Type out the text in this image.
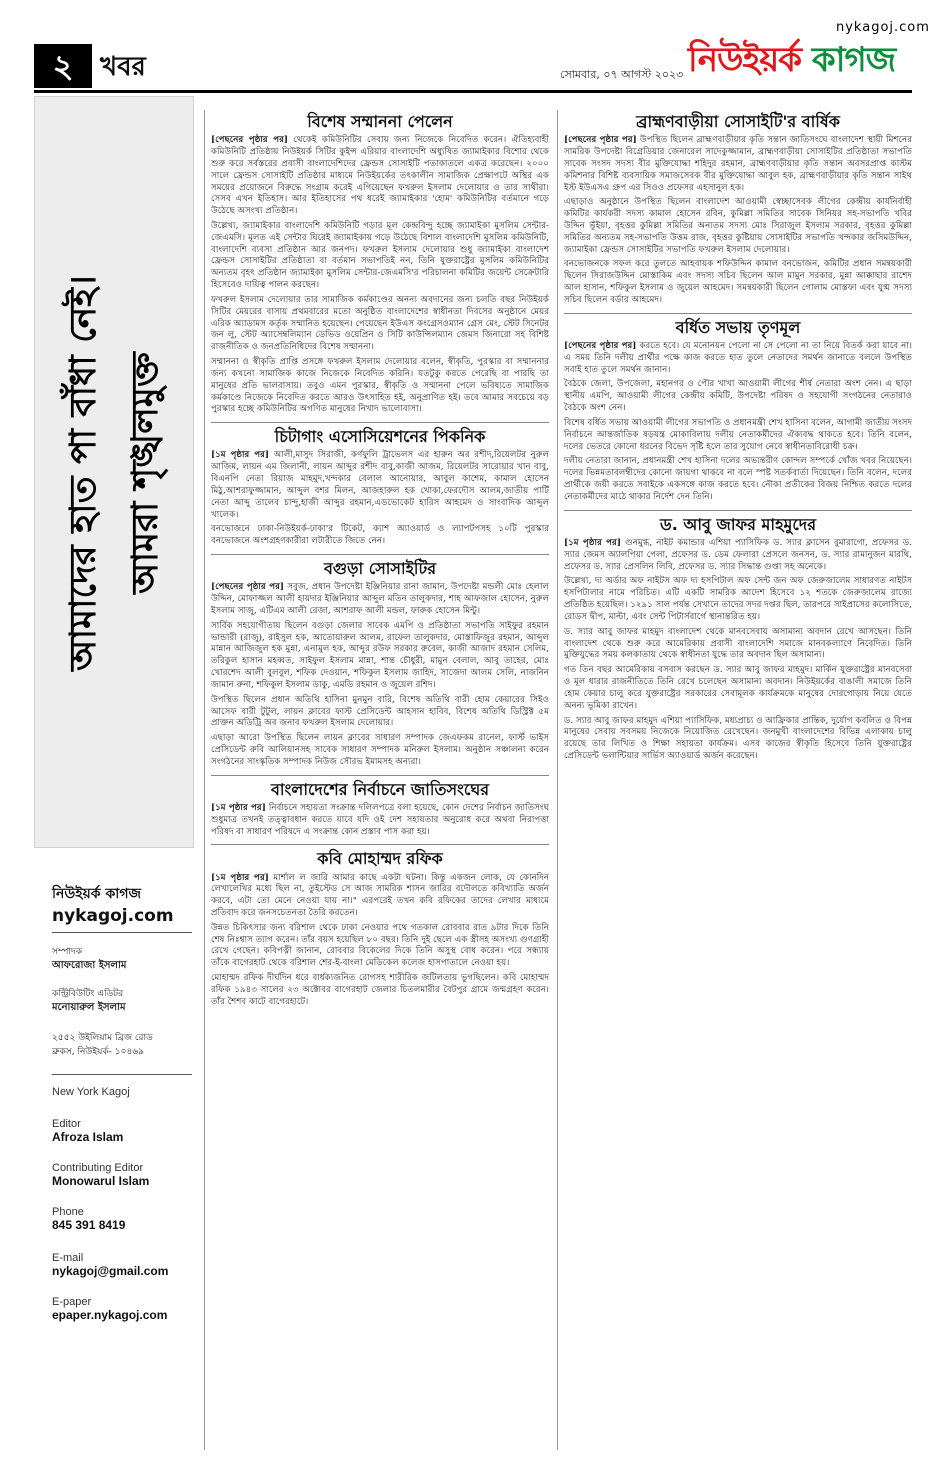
২	খবর	সোমবার, ০৭ আগস্ট ২০২৩
nykagoj.com
নিউইয়র্ক কাগজ
আমাদের হাত পা বাঁধা নেই। আমরা শৃঙ্খলমুক্ত
নিউইয়র্ক কাগজ
nykagoj.com
সম্পাদক
আফরোজা ইসলাম
কন্ট্রিবিউটিং এডিটর
মনোয়ারুল ইসলাম
২৫৫২ উইলিয়াম ব্রিজ রোড
ব্রুকস, নিউইয়র্ক- ১০৪৬৯
New York Kagoj
Editor
Afroza Islam
Contributing Editor
Monowarul Islam
Phone
845 391 8419
E-mail
nykagoj@gmail.com
E-paper
epaper.nykagoj.com
বিশেষ সম্মাননা পেলেন

[পেছনের পৃষ্ঠার পর] থেকেই কমিউনিটির সেবায় জন্য নিজেকে নিবেদিত করেন। ঐতিহ্যবাহী কমিউনিটি প্রতিষ্ঠায় নিউইয়র্ক সিটির কুইন্স এরিয়ার বাংলাদেশি অধ্যুষিত জ্যামাইকার বিশোর থেকে শুরু করে সর্বস্তরের প্রবাসী বাংলাদেশিদের ফ্রেন্ডস সোসাইটি পতাকাতলে একত্র করেছেন। ২০০০ সালে ফ্রেন্ডস সোসাইটি প্রতিষ্ঠার মাধ্যমে নিউইয়র্কের তৎকালীন সামাজিক প্রেক্ষাপটে অস্থির এক সময়ের প্রয়োজনে বিরুদ্ধে সংগ্রাম করেই এগিয়েছেন ফখরুল ইসলাম দেলোয়ার ও তার সাথীরা। সেসব এখন ইতিহাস। আর ইতিহাসের পথ ধরেই জ্যামাইকার 'হোম' কমিউনিটির বর্তমানে গড়ে উঠেছে অসংখ্য প্রতিষ্ঠান।

উল্লেখ্য, জ্যামাইকার বাংলাদেশি কমিউনিটি গড়ার মূল কেন্দ্রবিন্দু হচ্ছে জ্যামাইকা মুসলিম সেন্টার-জেএমসি। মূলত এই সেন্টার ঘিরেই জ্যামাইকায় গড়ে উঠেছে বিশাল বাংলাদেশি মুসলিম কমিউনিটি, বাংলাদেশি ব্যবসা প্রতিষ্ঠান আর জনপদ। ফখরুল ইসলাম দেলোয়ার শুধু জ্যামাইকা বাংলাদেশ ফ্রেন্ডস সোসাইটির প্রতিষ্ঠাতা বা বর্তমান সভাপতিই নন, তিনি যুক্তরাষ্ট্রের মুসলিম কমিউনিটির অন্যতম বৃহৎ প্রতিষ্ঠান জ্যামাইকা মুসলিম সেন্টার-জেএমসি'র পরিচালনা কমিটির জয়েন্ট সেক্রেটারি হিসেবেও দায়িত্ব পালন করছেন।

ফখরুল ইসলাম দেলোয়ার তার সামাজিক কর্মকাণ্ডের অনন্য অবদানের জন্য চলতি বছর নিউইয়র্ক সিটির মেয়রের বাসায় প্রথমবারের মতো অনুষ্ঠিত বাংলাদেশের স্বাধীনতা দিবসের অনুষ্ঠানে মেয়র এরিক অ্যাডামস কর্তৃক সম্মানিত হয়েছেন। পেয়েছেন ইউএস কংগ্রেসওম্যান গ্রেস মেং, স্টেট সিনেটর জন লু, স্টেট অ্যাসেম্বলিম্যান ডেভিড ওয়েপ্রিন ও সিটি কাউন্সিলম্যান জেমস জিনারো সহ বিশিষ্ট রাজনীতিক ও জনপ্রতিনিধিদের বিশেষ সম্মাননা।

সম্মাননা ও স্বীকৃতি প্রাপ্তি প্রসঙ্গে ফখরুল ইসলাম দেলোয়ার বলেন, স্বীকৃতি, পুরস্কার বা সম্মাননার জন্য কখনো সামাজিক কাজে নিজেকে নিবেদিত করিনি। যতটুকু করতে পেরেছি বা পারছি তা মানুষের প্রতি ভালবাসায়। তবুও এমন পুরস্কার, স্বীকৃতি ও সম্মাননা পেলে ভবিষ্যতে সামাজিক কর্মকাণ্ডে নিজেকে নিবেদিত করতে আরও উৎসাহিত হই, অনুপ্রাণিত হই। তবে আমার সবচেয়ে বড় পুরস্কার হচ্ছে কমিউনিটির অগণিত মানুষের নিখাদ ভালোবাসা।

চিটাগাং এসোসিয়েশনের পিকনিক

[১ম পৃষ্ঠার পর] আলী,মাসুদ সিরাজী, কর্ণফুলি ট্রাভেলস এর হারুন অর রশীদ,রিয়েলটর নুরুল আজিম, লায়ন এম জিলানী, লায়ন আব্দুর রশীদ বাবু,কাজী আজম, রিয়েলটর সারোয়ার খান বাবু, বিএনপি নেতা রিয়াজ মাহমুদ,খন্দকার বেলাল আনোয়ার, আবুল কাশেম, কামাল হোসেন মিঠু,আশরাফুজ্জামান, আব্দুল বশর মিলন, আজহারুল হক খোকা,ফেরদৌস আলম,জাতীয় পার্টি নেতা আব্দু তালেব চান্দু,হাজী আব্দুর রহমান,এডভোকেট হারিস আহমেদ ও সাংবাদিক আব্দুল খালেক।

বনভোজনে ঢাকা-নিউইয়র্ক-ঢাকা'র টিকেট, ক্যাশ অ্যাওয়ার্ড ও ল্যাপটপসহ ১০টি পুরস্কার বনভোজনে অংশগ্রহণকারীরা লটারীতে জিতে নেন।

বগুড়া সোসাইটির

[পেছনের পৃষ্ঠার পর] সবুজ, প্রধান উপদেষ্টা ইঞ্জিনিয়ার রানা জামান, উপদেষ্টা মন্ডলী মোঃ হেলাল উদ্দিন, মোফাজ্জল আলী হায়দার ইঞ্জিনিয়ার আব্দুল মতিন তালুকদার, শাহ আফজাল হোসেন, নুরুল ইসলাম সাজু, এটিএম আলী রেজা, আশরাফ আলী মন্ডল, ফারুক হোসেন মিন্টু।

সার্বিক সহযোগীতায় ছিলেন বগুড়া জেলার সাবেক এমপি ও প্রতিষ্ঠাতা সভাপতি সাইফুর রহমান ভান্ডারী (রাজু), রাইসুল হক, আতোয়ারুল আলম, রাফেল তালুকদার, মোস্তাফিজুর রহমান, আব্দুল মান্নান আজিজুল হক মুন্না, এনামুল হক, আব্দুর রউফ সরকার রুবেল, কাজী আজাদ রহমান সেলিম, তরিকুল হাসান মহব্বত, সাইফুল ইসলাম মান্না, শান্ত চৌধুরী, মামুন বেলাল, আবু তাহের, মোঃ খোরশেদ আলী বুলবুল, শফিক দেওয়ান, শফিকুল ইসলাম জাহিদ, সাজেদা আলম সেলি, নাজনিন জামান রুনা, শফিকুল ইসলাম ডাকু, এমডি রহমান ও জুয়েল রশিদ।

উপস্থিত ছিলেন প্রধান অতিথি হাসিনা মুনমুন বারি, বিশেষ অতিথি বারী হোম কেয়ারের সিইও আসেফ বারী টুটুল, লায়ন ক্লাবের ফাস্ট প্রেসিডেন্ট আহসান হাবিব, বিশেষ অতিথি ডিস্ট্রিক্ট ৫ম প্রাক্তন অডিট্রি অব জনাব ফখরুল ইসলাম দেলোয়ার।

এছাড়া আরো উপস্থিত ছিলেন লায়ন ক্লাবের সাধারণ সম্পাদক জেএফকম রানেল, ফার্স্ট ভাইস প্রেসিডেন্ট রুবি আলিয়ানসহ সাবেক সাধারণ সম্পাদক মনিরুল ইসলাম। অনুষ্ঠান সঞ্চালনা করেন সংগঠনের সাংস্কৃতিক সম্পাদক নিউজ সৌরভ ইমামসহ অন্যরা।

বাংলাদেশের নির্বাচনে জাতিসংঘের

[১ম পৃষ্ঠার পর] নির্বাচনে সহায়তা সংক্রান্ত দলিলপত্রে বলা হয়েছে, কোন দেশের নির্বাচন জাতিসংঘ শুধুমাত্র তখনই তত্ত্বাবধান করতে যাবে যদি ওই দেশ সহায়তার অনুরোধ করে অথবা নিরাপত্তা পরিষদ বা সাধারণ পরিষদে এ সংক্রান্ত কোন প্রস্তাব পাস করা হয়।

কবি মোহাম্মদ রফিক

[১ম পৃষ্ঠার পর] মার্শাল ল জারি আমার কাছে একটা ঘটনা। কিন্তু একজন লোক, যে কোনদিন লেখালেখির মধ্যে ছিল না, তুইস্টেড সে আজ সামরিক শাসন জারির বদৌলতে কবিখ্যাতি অর্জন করবে, এটা তো মেনে নেওয়া যায় না।" এরপরেই তখন কবি রফিকের তাদের লেখার মাধ্যমে প্রতিবাদ করে জনসচেতনতা তৈরি করতেন।

উন্নত চিকিৎসার জন্য বরিশাল থেকে ঢাকা নেওয়ার পথে গতকাল রোববার রাত ৯টার দিকে তিনি শেষ নিঃশ্বাস ত্যাগ করেন। তাঁর বয়স হয়েছিল ৮০ বছর। তিনি দুই ছেলে এক স্ত্রীসহ অসংখ্য গুণগ্রাহী রেখে গেছেন। কবিপত্নী জানান, রোববার বিকেলের দিকে তিনি অসুস্থ বোধ করেন। পরে সন্ধ্যায় তাঁকে বাগেরহাট থেকে বরিশাল শের-ই-বাংলা মেডিকেল কলেজ হাসপাতালে নেওয়া হয়।

মোহাম্মদ রফিক দীর্ঘদিন ধরে বার্ধক্যজনিত রোগসহ শারীরিক জটিলতায় ভুগছিলেন। কবি মোহাম্মদ রফিক ১৯৪৩ সালের ২৩ অক্টোবর বাগেরহাট জেলার চিতলমারীর বৈটপুর গ্রামে জন্মগ্রহণ করেন। তাঁর শৈশব কাটে বাগেরহাটে।

ব্রাহ্মণবাড়ীয়া সোসাইটি'র বার্ষিক

[পেছনের পৃষ্ঠার পর] উপস্থিত ছিলেন ব্রাহ্মণবাড়ীয়ার কৃতি সন্তান জাতিসংঘে বাংলাদেশ স্থায়ী মিশনের সামরিক উপদেষ্টা বিগ্রেডিয়ার জেনারেল সাদেকুজ্জামান, ব্রাহ্মণবাড়ীয়া সোসাইটির প্রতিষ্ঠাতা সভাপতি সাবেক সংসদ সদস্য বীর মুক্তিযোদ্ধা শহিদুর রহমান, ব্রাহ্মণবাড়ীয়ার কৃতি সন্তান অবসরপ্রাপ্ত কাস্টম কমিশনার বিশিষ্ট ব্যবসায়িক সমাজসেবক বীর মুক্তিযোদ্ধা আবুল হক, ব্রাহ্মণবাড়ীয়ার কৃতি সন্তান সাইথ ইস্ট ইউএসএ গ্রুপ এর সিওও প্রফেসর এহসানুল হক।

এছাড়াও অনুষ্ঠানে উপস্থিত ছিলেন বাংলাদেশ আওয়ামী স্বেচ্ছাসেবক লীগের কেন্দ্রীয় কার্যনির্বাহী কমিটির কার্যকরী সদস্য কামাল হোসেন রবিন, কুমিল্লা সমিতির সাবেক সিনিয়র সহ-সভাপতি খবির উদ্দিন ভূঁইয়া, বৃহত্তর কুমিল্লা সমিতির অন্যতম সদস্য মোঃ সিরাজুল ইসলাম সরকার, বৃহত্তর কুমিল্লা সমিতির অন্যতম সহ-সভাপতি উত্তম রাজ, বৃহত্তর কুষ্টিয়ায় সোসাইটির সভাপতি খন্দকার জসিমউদ্দিন, জ্যামাইকা ফ্রেন্ডস সোসাইটির সভাপতি ফখরুল ইসলাম দেলোয়ার।

বনভোজনকে সফল করে তুলতে আহবায়ক শফিউদ্দিন কামাল বনভোজন, কমিটির প্রধান সমন্বয়কারী ছিলেন সিরাজউদ্দিন মোস্তাকিম এবং সদস্য সচিব ছিলেন আল মামুন সরকার, মুন্না আক্কাছার রাশেদ আল হাসান, শফিকুল ইসলাম ও জুয়েল আহমেদ। সমন্বয়কারী ছিলেন গোলাম মোস্তফা এবং যুগ্ম সদস্য সচিব ছিলেন বর্ডার আহমেদ।

বর্ধিত সভায় তৃণমূল

[পেছনের পৃষ্ঠার পর] করতে হবে। যে মনোনয়ন পেলো না সে পেলো না তা নিয়ে বিতর্ক করা যাবে না। এ সময় তিনি দলীয় প্রার্থীর পক্ষে কাজ করতে হাত তুলে নেতাদের সমর্থন জানাতে বললে উপস্থিত সবাই হাত তুলে সমর্থন জানান।

বৈঠকে জেলা, উপজেলা, মহানগর ও পৌর খাখা আওয়ামী লীগের শীর্ষ নেতারা অংশ নেন। এ ছাড়া স্থানীয় এমপি, আওয়ামী লীগের কেন্দ্রীয় কমিটি, উপদেষ্টা পরিষদ ও সহযোগী সংগঠনের নেতারাও বৈঠকে অংশ নেন।

বিশেষ বর্ধিত সভায় আওয়ামী লীগের সভাপতি ও প্রধানমন্ত্রী শেখ হাসিনা বলেন, আগামী জাতীয় সংসদ নির্বাচনে আন্তর্জাতিক ষড়যন্ত্র মোকাবিলায় দলীয় নেতাকর্মীদের ঐক্যবদ্ধ থাকতে হবে। তিনি বলেন, দলের ভেতরে কোনো ধরনের বিভেদ সৃষ্টি হলে তার সুযোগ নেবে স্বাধীনতাবিরোধী চক্র।

দলীয় নেতারা জানান, প্রধানমন্ত্রী শেখ হাসিনা দলের অভ্যন্তরীণ কোন্দল সম্পর্কে খোঁজ খবর নিয়েছেন। দলের ভিন্নমতাবলম্বীদের কোনো জায়গা থাকবে না বলে স্পষ্ট সতর্কবার্তা দিয়েছেন। তিনি বলেন, দলের প্রার্থীকে জয়ী করতে সবাইকে একসঙ্গে কাজ করতে হবে। নৌকা প্রতীকের বিজয় নিশ্চিত করতে দলের নেতাকর্মীদের মাঠে থাকার নির্দেশ দেন তিনি।

ড. আবু জাফর মাহমুদের

[১ম পৃষ্ঠার পর] গুনমুগ্ধ, নাইট কমান্ডার এশিয়া প্যাসিফিক ড. স্যার ক্লাসেন বুমারাগো, প্রফেসর ড. স্যার জেমস অ্যালপিয়া পেলা, প্রফেসর ড. ডেম ফেলারা প্রেসলে জনসন, ড. স্যার রামানুজন মারথি, প্রফেসর ড. স্যার প্রেসলিন লিবি, প্রফেসর ড. স্যার সিদ্ধান্ত গুপ্তা সহ অনেকে।

উল্লেখ্য, দ্য অর্ডার অফ নাইটস অফ দ্য হসপিটাল অফ সেন্ট জন অফ জেরুজালেম সাধারণত নাইটস হসপিটালার নামে পরিচিত। এটি একটি সামরিক আদেশ হিসেবে ১২ শতকে জেরুজালেম রাজ্যে প্রতিষ্ঠিত হয়েছিল। ১২৯১ সাল পর্যন্ত সেখানে তাদের সদর দপ্তর ছিল, তারপরে সাইপ্রাসের কলোসিতে, রোডস দ্বীপ, মাল্টা, এবং সেন্ট পিটার্সবার্গে স্থানান্তরিত হয়।

ড. স্যার আবু জাফর মাহমুদ বাংলাদেশ থেকে মানবসেবায় অসামান্য অবদান রেখে আসছেন। তিনি বাংলাদেশ থেকে শুরু করে আমেরিকায় প্রবাসী বাংলাদেশি সমাজে মানবকল্যাণে নিবেদিত। তিনি মুক্তিযুদ্ধের সময় কলকাতায় থেকে স্বাধীনতা যুদ্ধে তার অবদান ছিল অসামান্য।

গত তিন বছর আমেরিকায় বসবাস করছেন ড. স্যার আবু জাফর মাহমুদ। মার্কিন যুক্তরাষ্ট্রের মানবসেবা ও মূল ধারার রাজনীতিতে তিনি রেখে চলেছেন অসামান্য অবদান। নিউইয়র্কের বাঙালী সমাজে তিনি হোম কেয়ার চালু করে যুক্তরাষ্ট্রের সরকারের সেবামূলক কার্যক্রমকে মানুষের দোরগোড়ায় নিয়ে যেতে অনন্য ভূমিকা রাখেন।

ড. স্যার আবু জাফর মাহমুদ এশিয়া প্যাসিফিক, মধ্যপ্রাচ্য ও আফ্রিকার প্রান্তিক, দুর্যোগ কবলিত ও বিপন্ন মানুষের সেবায় সবসময় নিজেকে নিয়োজিত রেখেছেন। জনমুখী বাংলাদেশের বিভিন্ন এলাকায় চালু রয়েছে তার লিখিত ও শিক্ষা সহায়তা কার্যক্রম। এসব কাজের স্বীকৃতি হিসেবে তিনি যুক্তরাষ্ট্রের প্রেসিডেন্ট ভলান্টিয়ার সার্ভিস অ্যাওয়ার্ড অর্জন করেছেন।
